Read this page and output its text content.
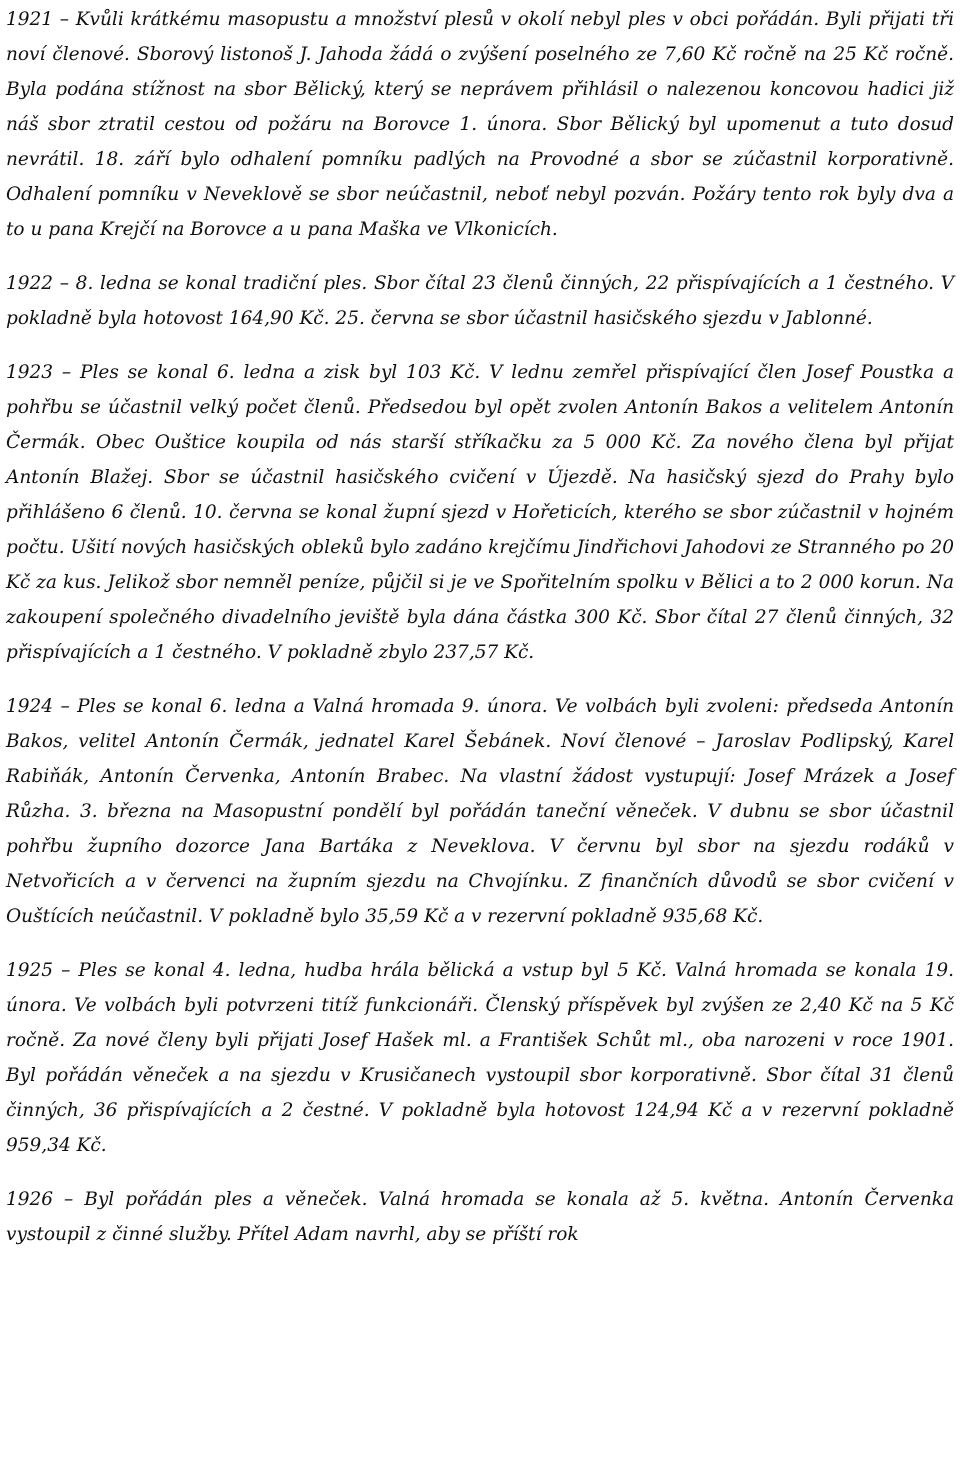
1921 – Kvůli krátkému masopustu a množství plesů v okolí nebyl ples v obci pořádán. Byli přijati tři noví členové. Sborový listonoš J. Jahoda žádá o zvýšení poselného ze 7,60 Kč ročně na 25 Kč ročně. Byla podána stížnost na sbor Bělický, který se neprávem přihlásil o nalezenou koncovou hadici již náš sbor ztratil cestou od požáru na Borovce 1. února. Sbor Bělický byl upomenut a tuto dosud nevrátil. 18. září bylo odhalení pomníku padlých na Provodné a sbor se zúčastnil korporativně. Odhalení pomníku v Neveklově se sbor neúčastnil, neboť nebyl pozván. Požáry tento rok byly dva a to u pana Krejčí na Borovce a u pana Maška ve Vlkonicích.

1922 – 8. ledna se konal tradiční ples. Sbor čítal 23 členů činných, 22 přispívajících a 1 čestného. V pokladně byla hotovost 164,90 Kč. 25. června se sbor účastnil hasičského sjezdu v Jablonné.

1923 – Ples se konal 6. ledna a zisk byl 103 Kč. V lednu zemřel přispívající člen Josef Poustka a pohřbu se účastnil velký počet členů. Předsedou byl opět zvolen Antonín Bakos a velitelem Antonín Čermák. Obec Ouštice koupila od nás starší stříkačku za 5 000 Kč. Za nového člena byl přijat Antonín Blažej. Sbor se účastnil hasičského cvičení v Újezdě. Na hasičský sjezd do Prahy bylo přihlášeno 6 členů. 10. června se konal župní sjezd v Hořeticích, kterého se sbor zúčastnil v hojném počtu. Ušití nových hasičských obleků bylo zadáno krejčímu Jindřichovi Jahodovi ze Stranného po 20 Kč za kus. Jelikož sbor nemněl peníze, půjčil si je ve Spořitelním spolku v Bělici a to 2 000 korun. Na zakoupení společného divadelního jeviště byla dána částka 300 Kč. Sbor čítal 27 členů činných, 32 přispívajících a 1 čestného. V pokladně zbylo 237,57 Kč.

1924 – Ples se konal 6. ledna a Valná hromada 9. února. Ve volbách byli zvoleni: předseda Antonín Bakos, velitel Antonín Čermák, jednatel Karel Šebánek. Noví členové – Jaroslav Podlipský, Karel Rabiňák, Antonín Červenka, Antonín Brabec. Na vlastní žádost vystupují: Josef Mrázek a Josef Růzha. 3. března na Masopustní pondělí byl pořádán taneční věneček. V dubnu se sbor účastnil pohřbu župního dozorce Jana Bartáka z Neveklova. V červnu byl sbor na sjezdu rodáků v Netvořicích a v červenci na župním sjezdu na Chvojínku. Z finančních důvodů se sbor cvičení v Ouštících neúčastnil. V pokladně bylo 35,59 Kč a v rezervní pokladně 935,68 Kč.

1925 – Ples se konal 4. ledna, hudba hrála bělická a vstup byl 5 Kč. Valná hromada se konala 19. února. Ve volbách byli potvrzeni titíž funkcionáři. Členský příspěvek byl zvýšen ze 2,40 Kč na 5 Kč ročně. Za nové členy byli přijati Josef Hašek ml. a František Schůt ml., oba narozeni v roce 1901. Byl pořádán věneček a na sjezdu v Krusičanech vystoupil sbor korporativně. Sbor čítal 31 členů činných, 36 přispívajících a 2 čestné. V pokladně byla hotovost 124,94 Kč a v rezervní pokladně 959,34 Kč.

1926 – Byl pořádán ples a věneček. Valná hromada se konala až 5. května. Antonín Červenka vystoupil z činné služby. Přítel Adam navrhl, aby se příští rok
